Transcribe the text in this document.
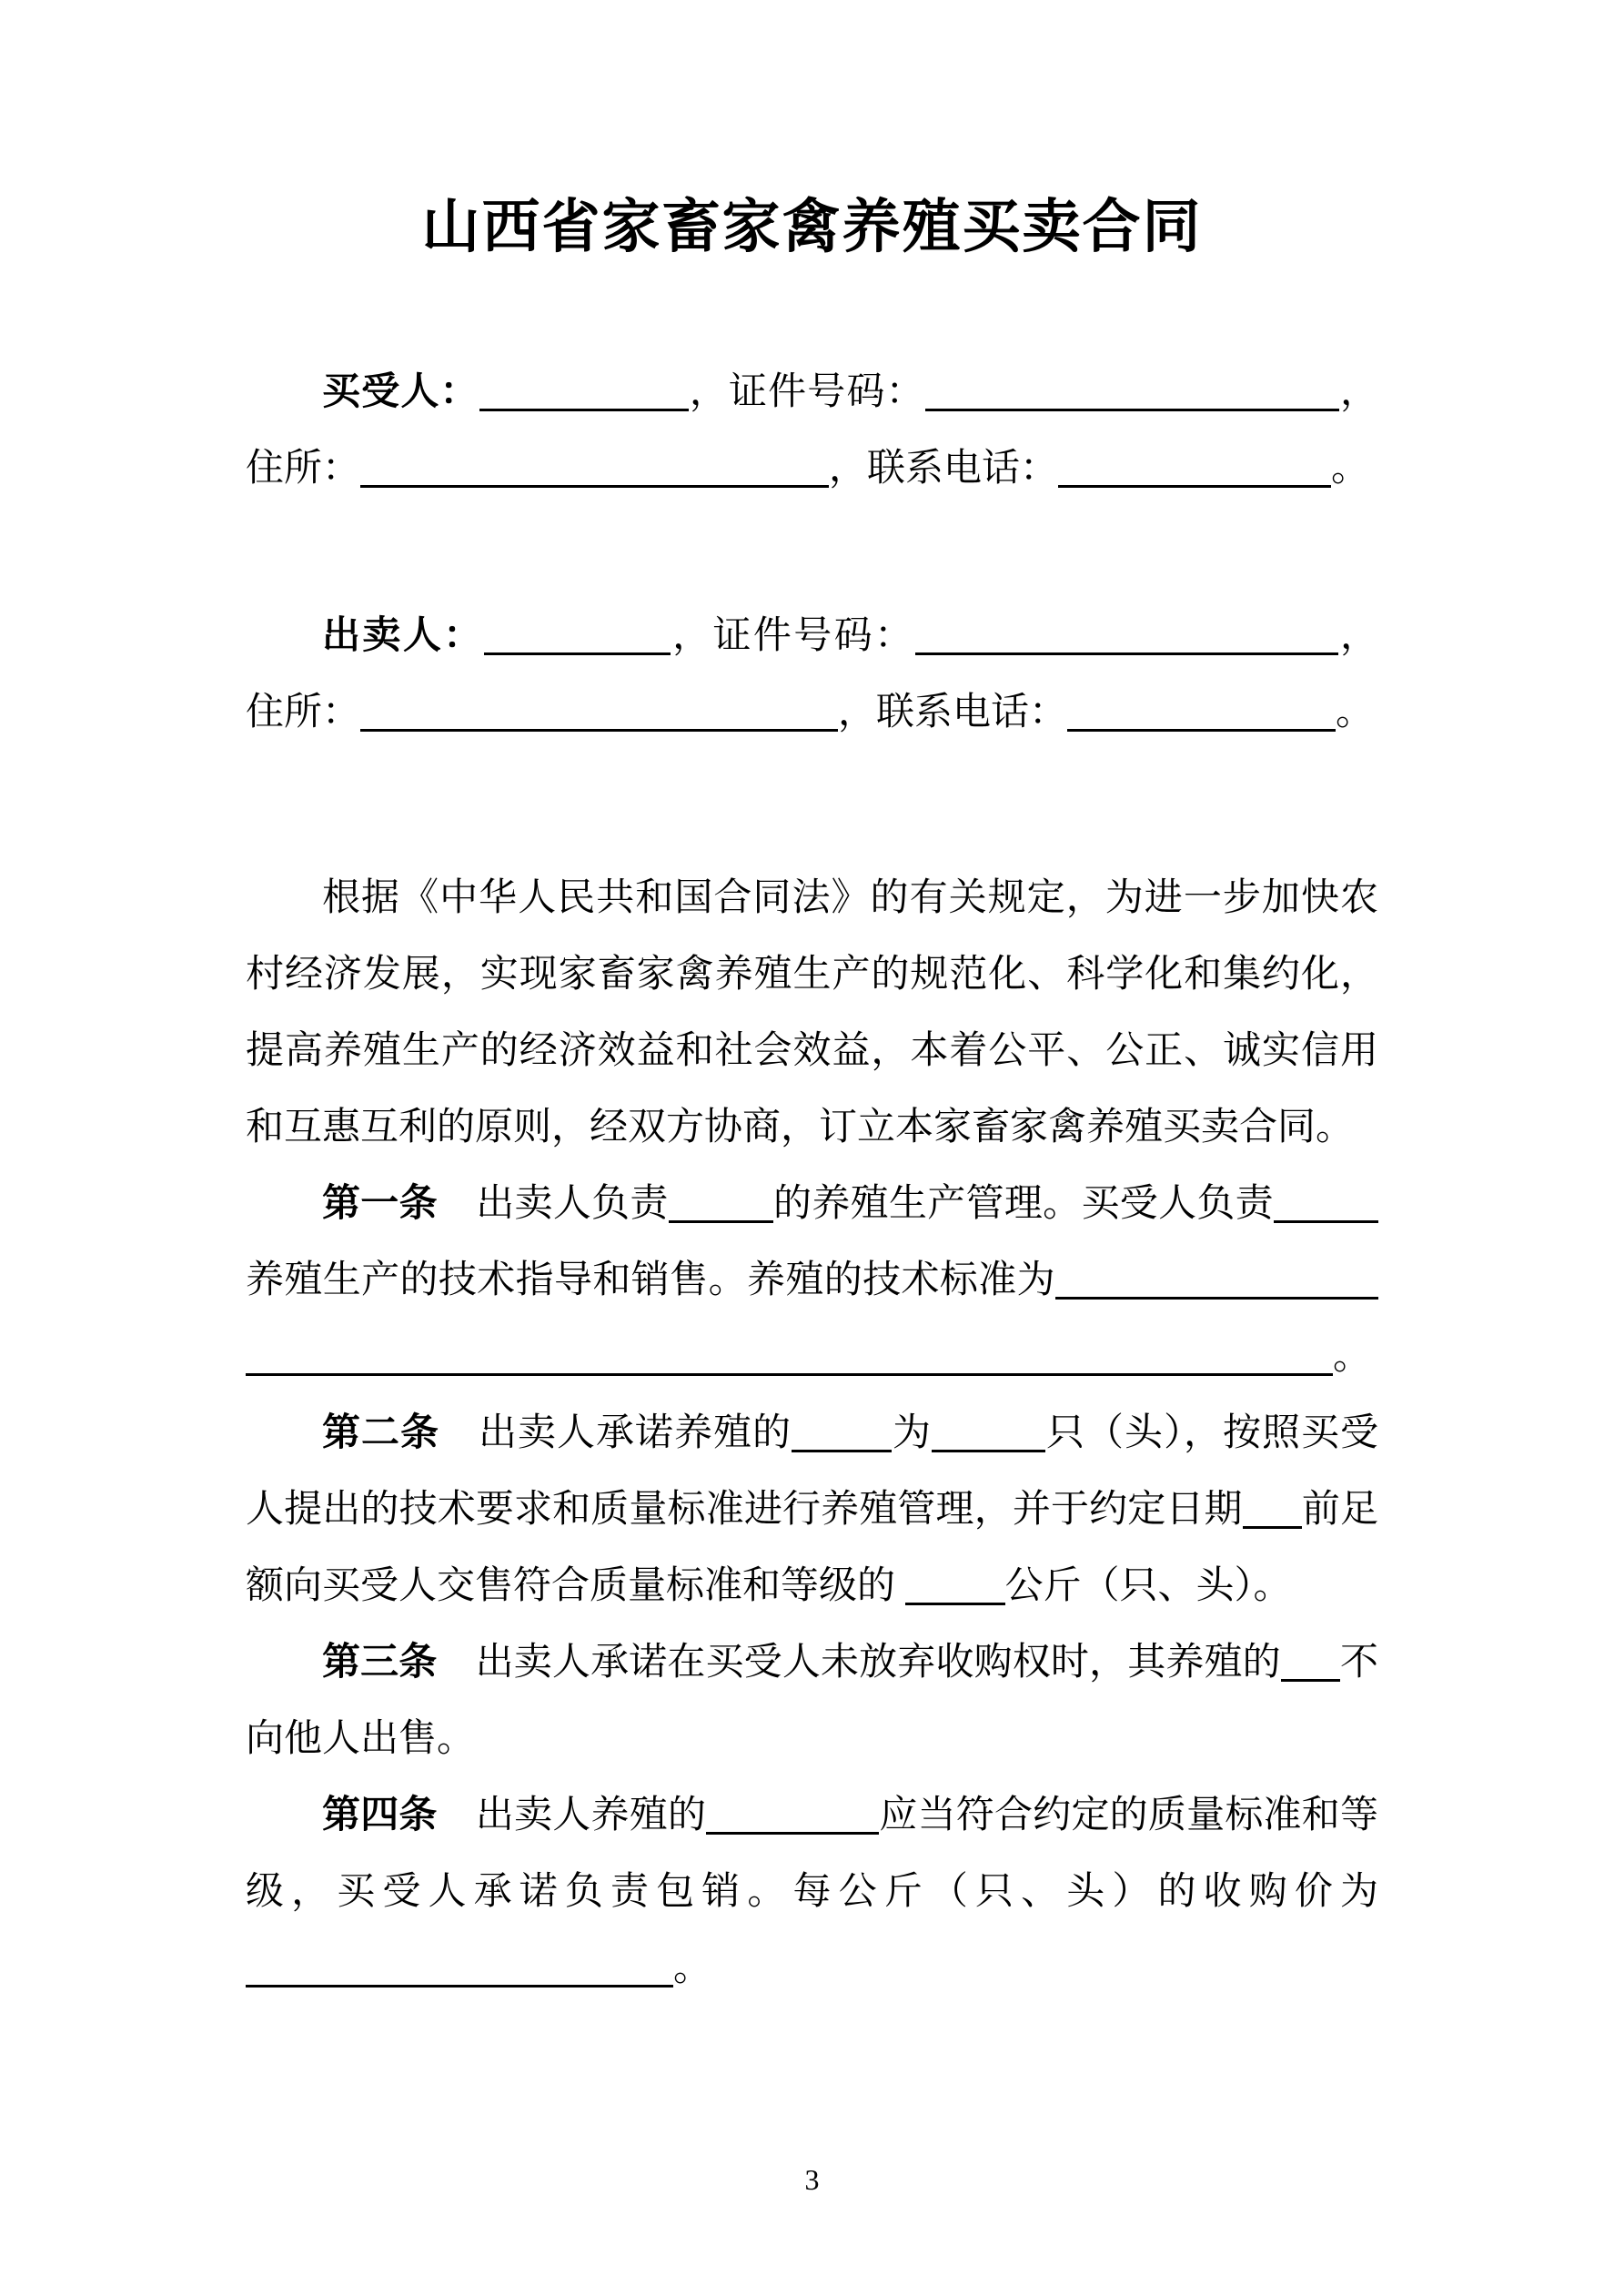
山西省家畜家禽养殖买卖合同

买受人：	，证件号码：	，住所：	，联系电话：	。

出卖人：	，证件号码：	，住所：	，联系电话：	。

根据《中华人民共和国合同法》的有关规定，为进一步加快农村经济发展，实现家畜家禽养殖生产的规范化、科学化和集约化，提高养殖生产的经济效益和社会效益，本着公平、公正、诚实信用和互惠互利的原则，经双方协商，订立本家畜家禽养殖买卖合同。

第一条　出卖人负责	的养殖生产管理。买受人负责养殖生产的技术指导和销售。养殖的技术标准为。

第二条　出卖人承诺养殖的	为	只（头），按照买受人提出的技术要求和质量标准进行养殖管理，并于约定日期 前足额向买受人交售符合质量标准和等级的	公斤（只、头）。

第三条　出卖人承诺在买受人未放弃收购权时，其养殖的 不向他人出售。

第四条　出卖人养殖的	应当符合约定的质量标准和等级，买受人承诺负责包销。每公斤（只、头）的收购价为。

3
